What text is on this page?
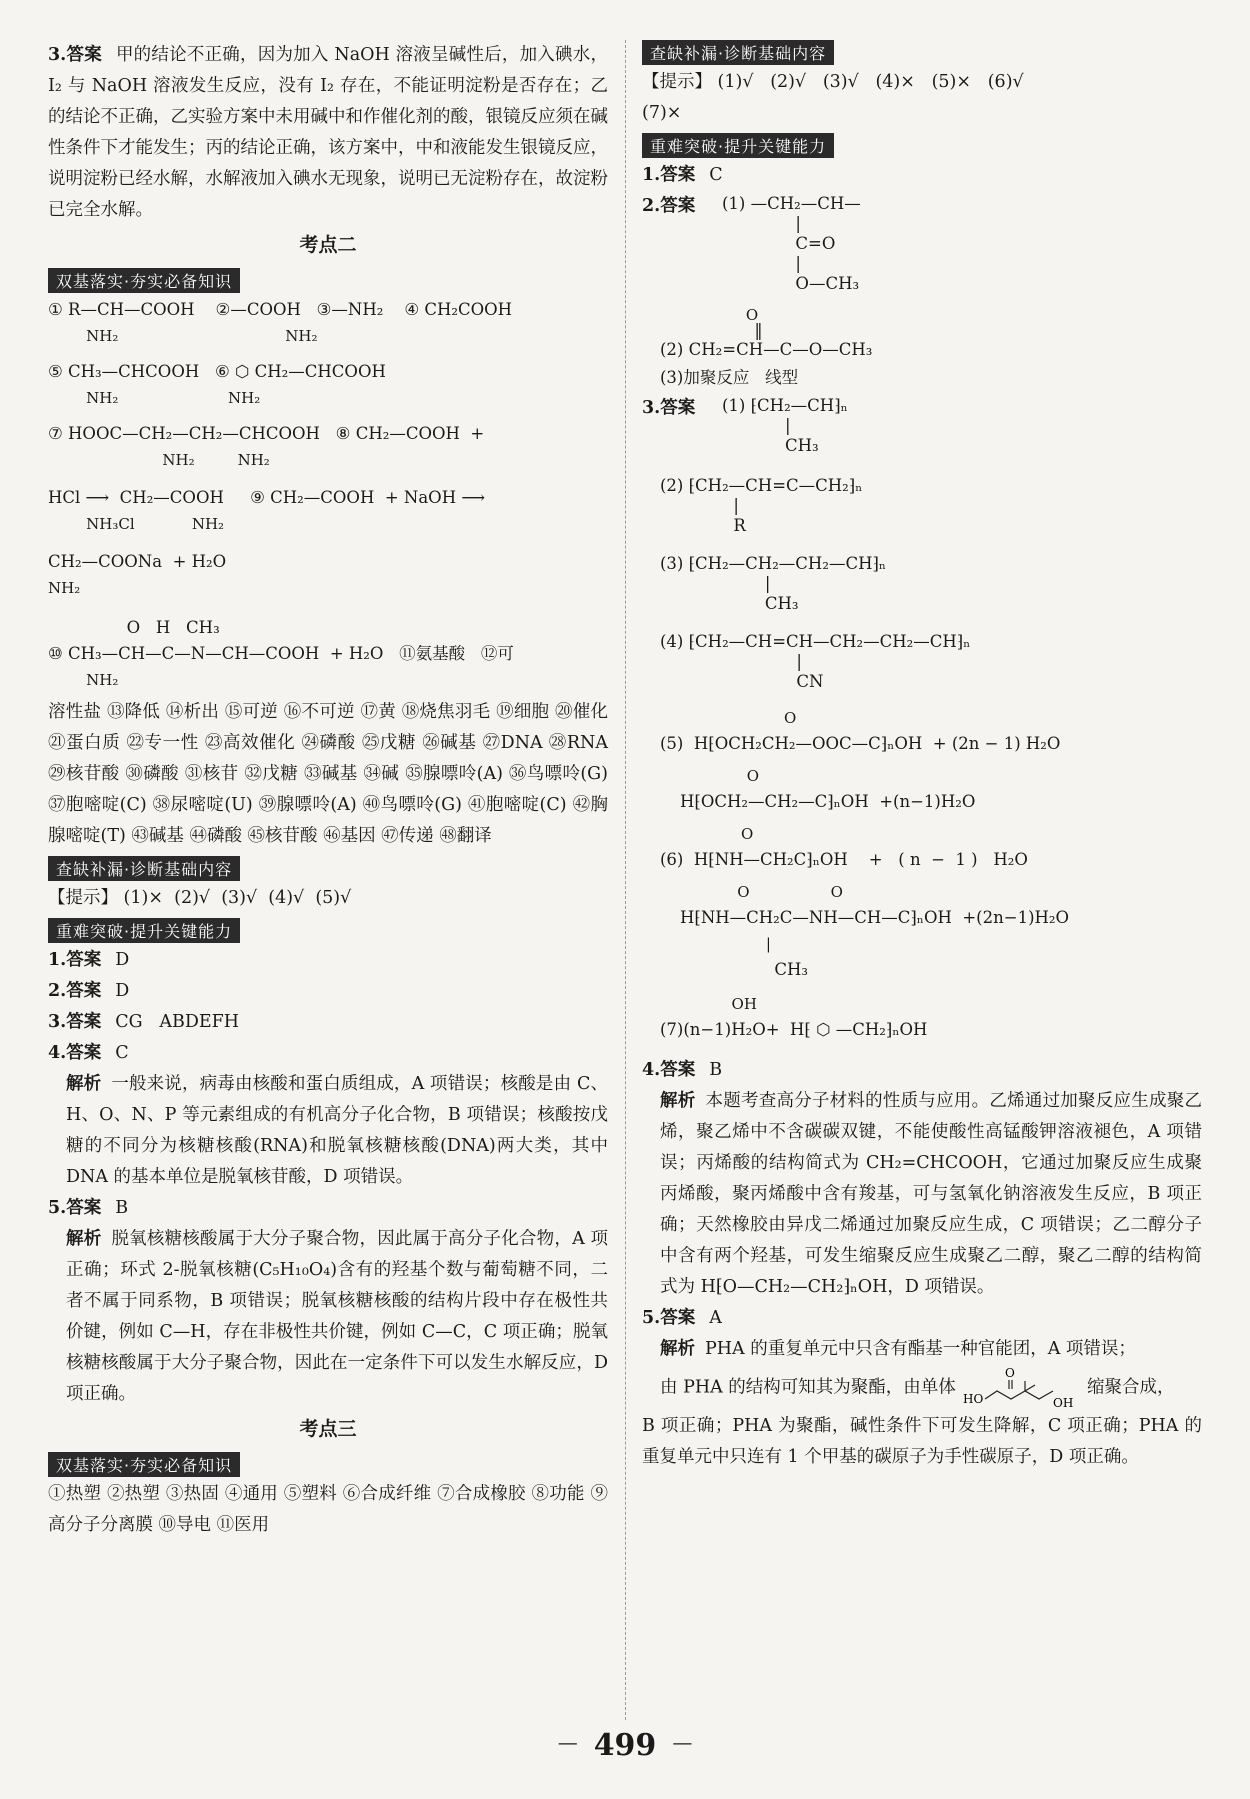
3.答案 甲的结论不正确，因为加入 NaOH 溶液呈碱性后，加入碘水，I₂ 与 NaOH 溶液发生反应，没有 I₂ 存在，不能证明淀粉是否存在；乙的结论不正确，乙实验方案中未用碱中和作催化剂的酸，银镜反应须在碱性条件下才能发生；丙的结论正确，该方案中，中和液能发生银镜反应，说明淀粉已经水解，水解液加入碘水无现象，说明已无淀粉存在，故淀粉已完全水解。

考点二

双基落实·夯实必备知识

① R—CH—COOH    ②—COOH   ③—NH₂    ④ CH₂COOH

NH₂                                   NH₂

⑤ CH₃—CHCOOH   ⑥ ⬡ CH₂—CHCOOH

NH₂                       NH₂

⑦ HOOC—CH₂—CH₂—CHCOOH   ⑧ CH₂—COOH  +

NH₂         NH₂

HCl ⟶  CH₂—COOH     ⑨ CH₂—COOH  + NaOH ⟶

NH₃Cl            NH₂

CH₂—COONa  + H₂O

NH₂

O   H   CH₃

⑩ CH₃—CH—C—N—CH—COOH  + H₂O   ⑪氨基酸   ⑫可

NH₂

溶性盐 ⑬降低 ⑭析出 ⑮可逆 ⑯不可逆 ⑰黄 ⑱烧焦羽毛 ⑲细胞 ⑳催化 ㉑蛋白质 ㉒专一性 ㉓高效催化 ㉔磷酸 ㉕戊糖 ㉖碱基 ㉗DNA ㉘RNA ㉙核苷酸 ㉚磷酸 ㉛核苷 ㉜戊糖 ㉝碱基 ㉞碱 ㉟腺嘌呤(A) ㊱鸟嘌呤(G) ㊲胞嘧啶(C) ㊳尿嘧啶(U) ㊴腺嘌呤(A) ㊵鸟嘌呤(G) ㊶胞嘧啶(C) ㊷胸腺嘧啶(T) ㊸碱基 ㊹磷酸 ㊺核苷酸 ㊻基因 ㊼传递 ㊽翻译

查缺补漏·诊断基础内容

【提示】 (1)×  (2)√  (3)√  (4)√  (5)√

重难突破·提升关键能力

1.答案 D

2.答案 D

3.答案 CG   ABDEFH

4.答案 C

解析 一般来说，病毒由核酸和蛋白质组成，A 项错误；核酸是由 C、H、O、N、P 等元素组成的有机高分子化合物，B 项错误；核酸按戊糖的不同分为核糖核酸(RNA)和脱氧核糖核酸(DNA)两大类，其中 DNA 的基本单位是脱氧核苷酸，D 项错误。

5.答案 B

解析 脱氧核糖核酸属于大分子聚合物，因此属于高分子化合物，A 项正确；环式 2-脱氧核糖(C₅H₁₀O₄)含有的羟基个数与葡萄糖不同，二者不属于同系物，B 项错误；脱氧核糖核酸的结构片段中存在极性共价键，例如 C—H，存在非极性共价键，例如 C—C，C 项正确；脱氧核糖核酸属于大分子聚合物，因此在一定条件下可以发生水解反应，D 项正确。

考点三

双基落实·夯实必备知识

①热塑 ②热塑 ③热固 ④通用 ⑤塑料 ⑥合成纤维 ⑦合成橡胶 ⑧功能 ⑨高分子分离膜 ⑩导电 ⑪医用

查缺补漏·诊断基础内容

【提示】 (1)√   (2)√   (3)√   (4)×   (5)×   (6)√

(7)×

重难突破·提升关键能力

1.答案 C

2.答案	(1) —CH₂—CH—

|

C=O

|

O—CH₃

O

‖

(2) CH₂=CH—C—O—CH₃

(3)加聚反应   线型

3.答案	(1) ⁅CH₂—CH⁆ₙ

|

CH₃

(2) ⁅CH₂—CH=C—CH₂⁆ₙ

|

R

(3) ⁅CH₂—CH₂—CH₂—CH⁆ₙ

|

CH₃

(4) ⁅CH₂—CH=CH—CH₂—CH₂—CH⁆ₙ

|

CN

O

(5)  H⁅OCH₂CH₂—OOC—C⁆ₙOH  + (2n − 1) H₂O

O

H⁅OCH₂—CH₂—C⁆ₙOH  +(n−1)H₂O

O

(6)  H⁅NH—CH₂C⁆ₙOH    +   ( n  −  1 )   H₂O

O                 O

H⁅NH—CH₂C—NH—CH—C⁆ₙOH  +(2n−1)H₂O

|

CH₃

OH

(7)(n−1)H₂O+  H⁅ ⬡ —CH₂⁆ₙOH

4.答案 B

解析 本题考查高分子材料的性质与应用。乙烯通过加聚反应生成聚乙烯，聚乙烯中不含碳碳双键，不能使酸性高锰酸钾溶液褪色，A 项错误；丙烯酸的结构简式为 CH₂=CHCOOH，它通过加聚反应生成聚丙烯酸，聚丙烯酸中含有羧基，可与氢氧化钠溶液发生反应，B 项正确；天然橡胶由异戊二烯通过加聚反应生成，C 项错误；乙二醇分子中含有两个羟基，可发生缩聚反应生成聚乙二醇，聚乙二醇的结构简式为 H⁅O—CH₂—CH₂⁆ₙOH，D 项错误。

5.答案 A

解析 PHA 的重复单元中只含有酯基一种官能团，A 项错误；

由 PHA 的结构可知其为聚酯，由单体
O
HO	OH
缩聚合成，

B 项正确；PHA 为聚酯，碱性条件下可发生降解，C 项正确；PHA 的重复单元中只连有 1 个甲基的碳原子为手性碳原子，D 项正确。

— 499 —
